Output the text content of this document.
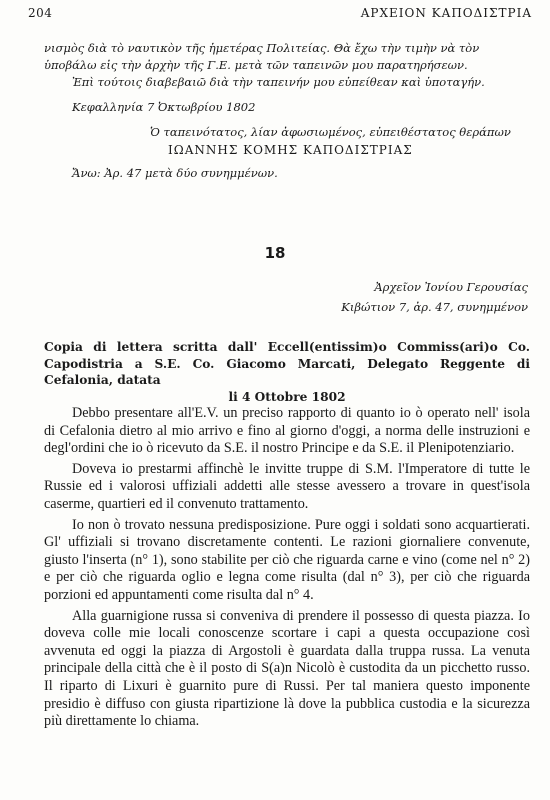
204	ΑΡΧΕΙΟΝ ΚΑΠΟΔΙΣΤΡΙΑ

νισμὸς διὰ τὸ ναυτικὸν τῆς ἡμετέρας Πολιτείας. Θὰ ἔχω τὴν τιμὴν νὰ τὸν

ὑποβάλω εἰς τὴν ἀρχὴν τῆς Γ.Ε. μετὰ τῶν ταπεινῶν μου παρατηρήσεων.

Ἐπὶ τούτοις διαβεβαιῶ διὰ τὴν ταπεινήν μου εὐπείθεαν καὶ ὑποταγήν.

Κεφαλληνία 7 Ὀκτωβρίου 1802

Ὁ ταπεινότατος, λίαν ἀφωσιωμένος, εὐπειθέστατος θεράπων

ΙΩΑΝΝΗΣ ΚΟΜΗΣ ΚΑΠΟΔΙΣΤΡΙΑΣ

Ἄνω: Ἀρ. 47 μετὰ δύο συνημμένων.

18
Ἀρχεῖον Ἰονίου Γερουσίας
Κιβώτιον 7, ἀρ. 47, συνημμένον
Copia di lettera scritta dall' Eccell(entissim)o Commiss(ari)o Co. Capodistria a S.E. Co. Giacomo Marcati, Delegato Reggente di Cefalonia, datata
li 4 Ottobre 1802

Debbo presentare all'E.V. un preciso rapporto di quanto io ò operato nell' isola di Cefalonia dietro al mio arrivo e fino al giorno d'oggi, a norma delle instruzioni e degl'ordini che io ò ricevuto da S.E. il nostro Principe e da S.E. il Plenipotenziario.

Doveva io prestarmi affinchè le invitte truppe di S.M. l'Imperatore di tutte le Russie ed i valorosi uffiziali addetti alle stesse avessero a trovare in quest'isola caserme, quartieri ed il convenuto trattamento.

Io non ò trovato nessuna predisposizione. Pure oggi i soldati sono acquartierati. Gl' uffiziali si trovano discretamente contenti. Le razioni giornaliere convenute, giusto l'inserta (n° 1), sono stabilite per ciò che riguarda carne e vino (come nel n° 2) e per ciò che riguarda oglio e legna come risulta (dal n° 3), per ciò che riguarda porzioni ed appuntamenti come risulta dal n° 4.

Alla guarnigione russa si conveniva di prendere il possesso di questa piazza. Io doveva colle mie locali conoscenze scortare i capi a questa occupazione così avvenuta ed oggi la piazza di Argostoli è guardata dalla truppa russa. La venuta principale della città che è il posto di S(a)n Nicolò è custodita da un picchetto russo. Il riparto di Lixuri è guarnito pure di Russi. Per tal maniera questo imponente presidio è diffuso con giusta ripartizione là dove la pubblica custodia e la sicurezza più direttamente lo chiama.
